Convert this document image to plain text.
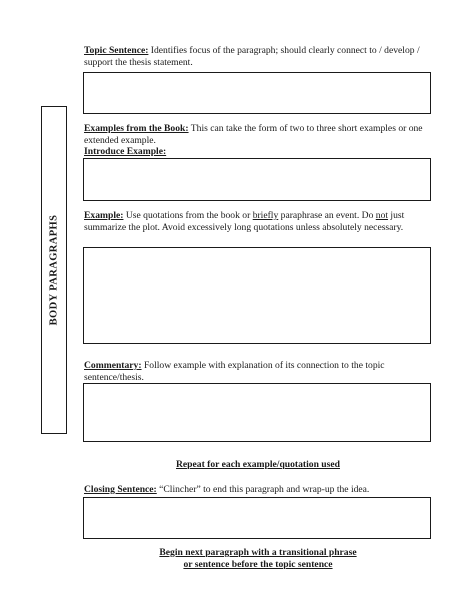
BODY PARAGRAPHS
Topic Sentence: Identifies focus of the paragraph; should clearly connect to / develop / support the thesis statement.
Examples from the Book: This can take the form of two to three short examples or one extended example.
Introduce Example:
Example: Use quotations from the book or briefly paraphrase an event. Do not just summarize the plot. Avoid excessively long quotations unless absolutely necessary.
Commentary: Follow example with explanation of its connection to the topic sentence/thesis.
Repeat for each example/quotation used
Closing Sentence: “Clincher” to end this paragraph and wrap-up the idea.
Begin next paragraph with a transitional phrase
or sentence before the topic sentence
